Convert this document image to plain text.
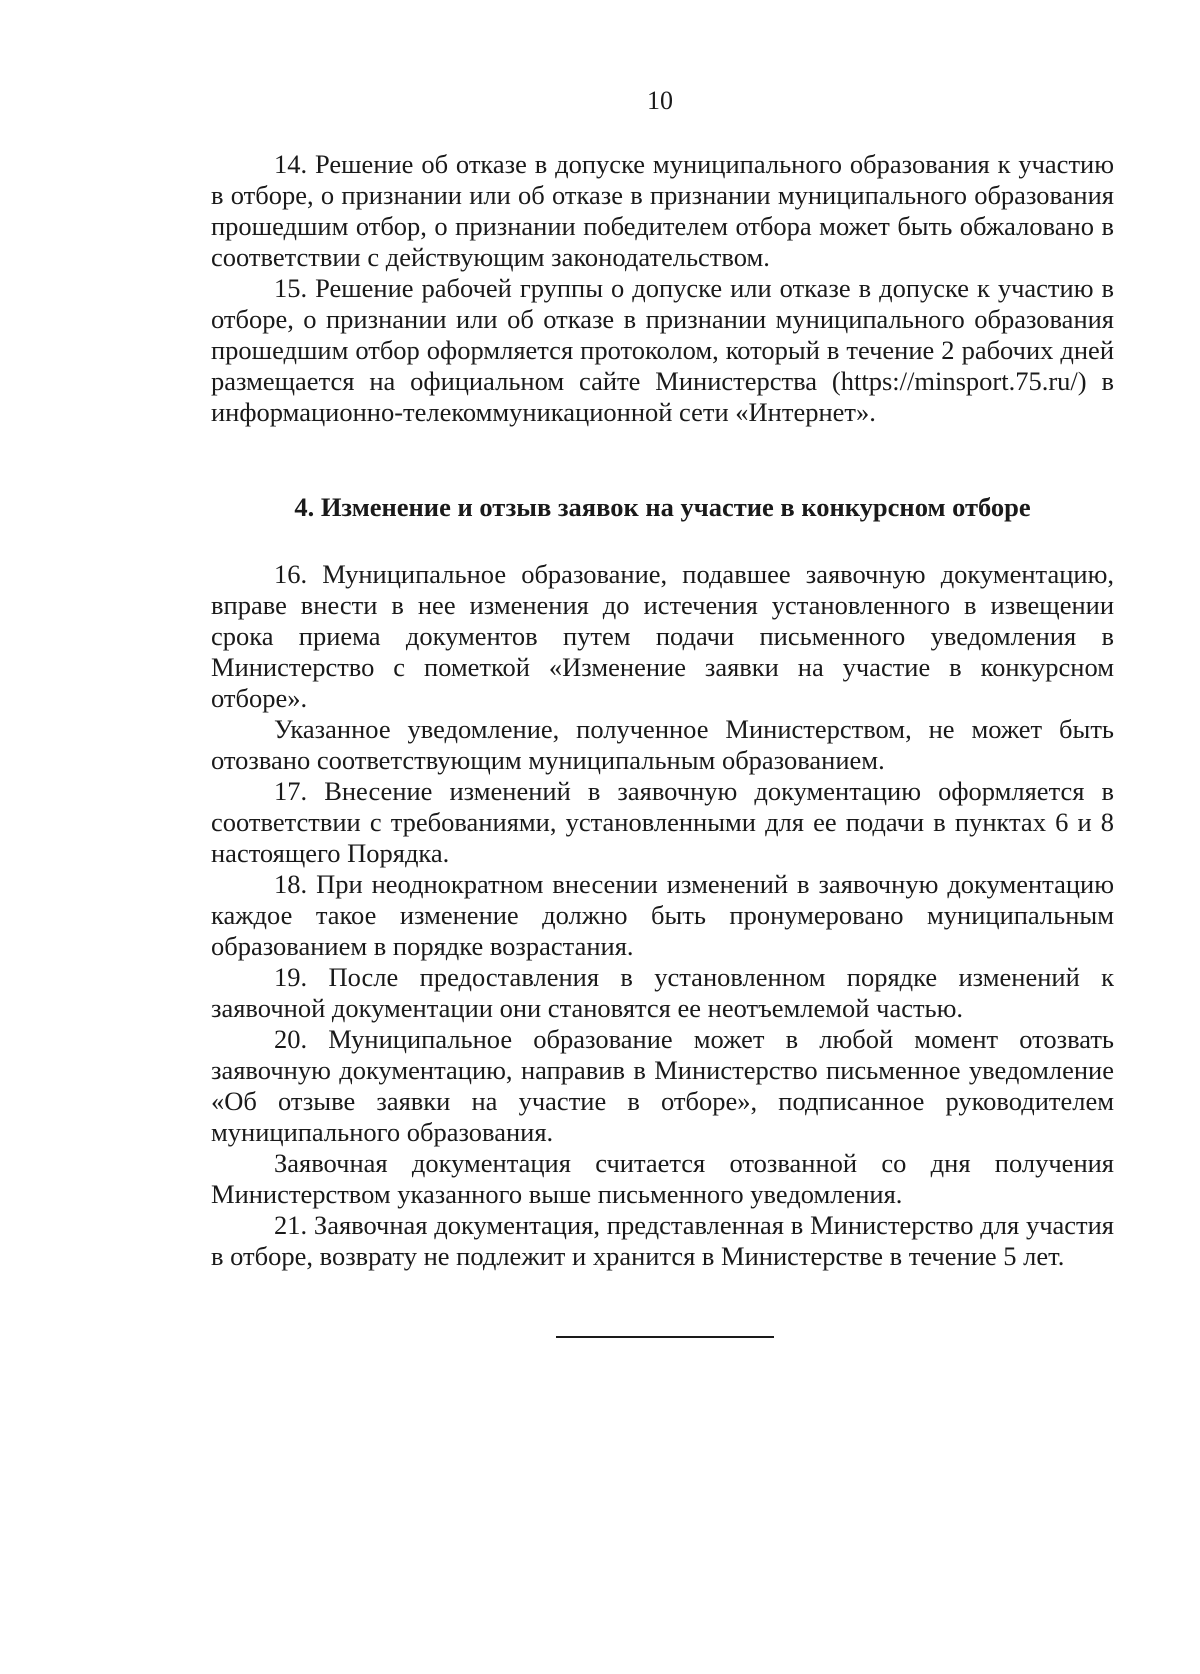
10

14. Решение об отказе в допуске муниципального образования к участию в отборе, о признании или об отказе в признании муниципального образования прошедшим отбор, о признании победителем отбора может быть обжаловано в соответствии с действующим законодательством.

15. Решение рабочей группы о допуске или отказе в допуске к участию в отборе, о признании или об отказе в признании муниципального образования прошедшим отбор оформляется протоколом, который в течение 2 рабочих дней размещается на официальном сайте Министерства (https://minsport.75.ru/) в информационно-телекоммуникационной сети «Интернет».

4. Изменение и отзыв заявок на участие в конкурсном отборе

16. Муниципальное образование, подавшее заявочную документацию, вправе внести в нее изменения до истечения установленного в извещении срока приема документов путем подачи письменного уведомления в Министерство с пометкой «Изменение заявки на участие в конкурсном отборе».

Указанное уведомление, полученное Министерством, не может быть отозвано соответствующим муниципальным образованием.

17. Внесение изменений в заявочную документацию оформляется в соответствии с требованиями, установленными для ее подачи в пунктах 6 и 8 настоящего Порядка.

18. При неоднократном внесении изменений в заявочную документацию каждое такое изменение должно быть пронумеровано муниципальным образованием в порядке возрастания.

19. После предоставления в установленном порядке изменений к заявочной документации они становятся ее неотъемлемой частью.

20. Муниципальное образование может в любой момент отозвать заявочную документацию, направив в Министерство письменное уведомление «Об отзыве заявки на участие в отборе», подписанное руководителем муниципального образования.

Заявочная документация считается отозванной со дня получения Министерством указанного выше письменного уведомления.

21. Заявочная документация, представленная в Министерство для участия в отборе, возврату не подлежит и хранится в Министерстве в течение 5 лет.
